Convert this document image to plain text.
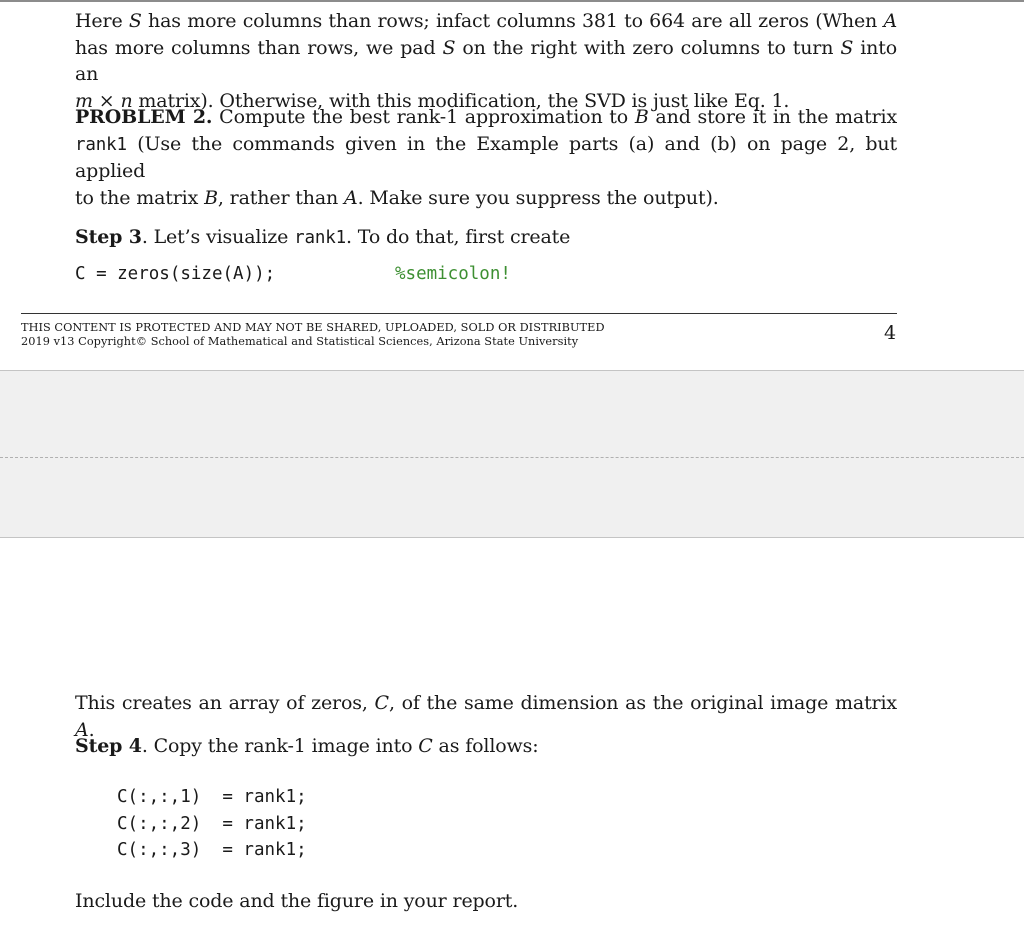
Here S has more columns than rows; infact columns 381 to 664 are all zeros (When A
has more columns than rows, we pad S on the right with zero columns to turn S into an
m × n matrix). Otherwise, with this modification, the SVD is just like Eq. 1.

PROBLEM 2. Compute the best rank-1 approximation to B and store it in the matrix
rank1 (Use the commands given in the Example parts (a) and (b) on page 2, but applied
to the matrix B, rather than A. Make sure you suppress the output).

Step 3. Let’s visualize rank1. To do that, first create

C = zeros(size(A));	%semicolon!

THIS CONTENT IS PROTECTED AND MAY NOT BE SHARED, UPLOADED, SOLD OR DISTRIBUTED
2019 v13 Copyright© School of Mathematical and Statistical Sciences, Arizona State University	4

This creates an array of zeros, C, of the same dimension as the original image matrix A.

Step 4. Copy the rank-1 image into C as follows:

C(:,:,1)  = rank1;
C(:,:,2)  = rank1;
C(:,:,3)  = rank1;

Include the code and the figure in your report.
